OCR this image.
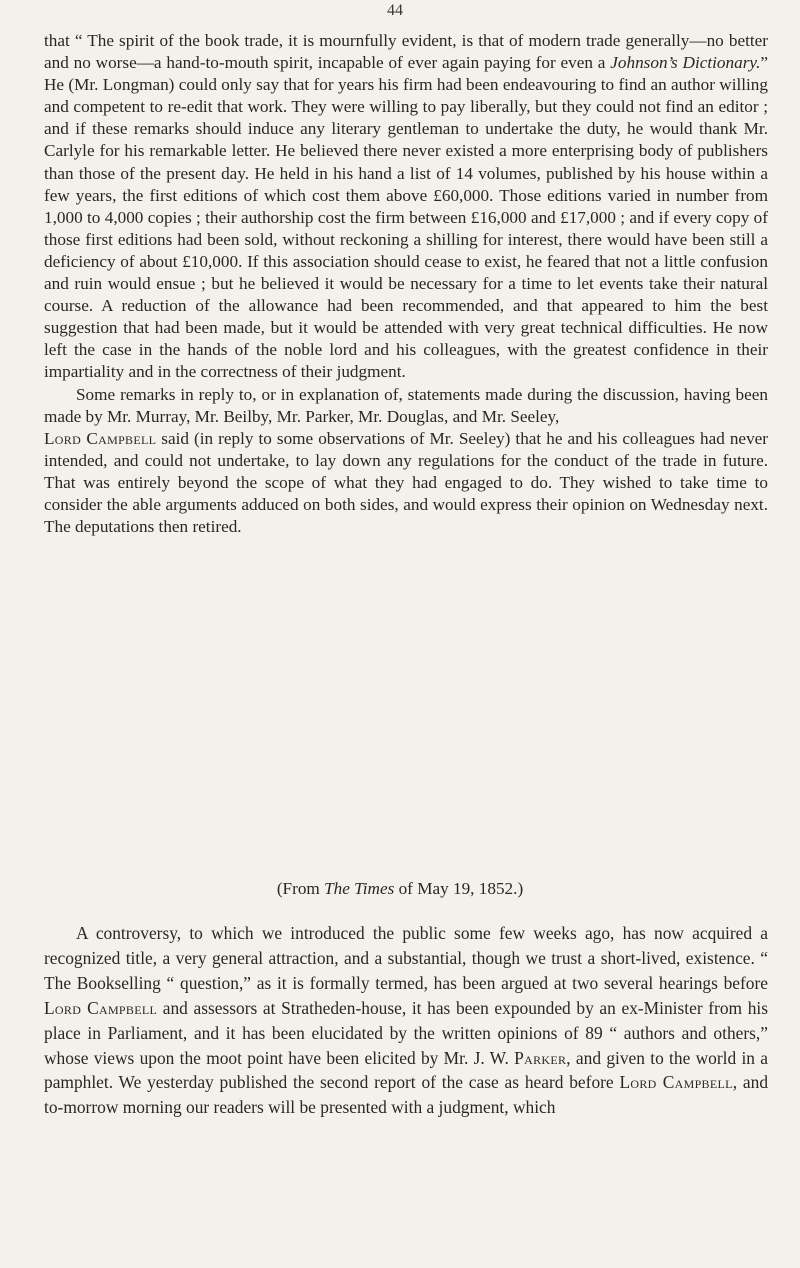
44

that “ The spirit of the book trade, it is mournfully evident, is that of modern trade generally—no better and no worse—a hand-to-mouth spirit, incapable of ever again paying for even a Johnson’s Dictionary.” He (Mr. Longman) could only say that for years his firm had been endeavouring to find an author willing and competent to re-edit that work. They were willing to pay liberally, but they could not find an editor ; and if these remarks should induce any literary gentleman to undertake the duty, he would thank Mr. Carlyle for his remarkable letter. He believed there never existed a more enterprising body of publishers than those of the present day. He held in his hand a list of 14 volumes, published by his house within a few years, the first editions of which cost them above £60,000. Those editions varied in number from 1,000 to 4,000 copies ; their authorship cost the firm between £16,000 and £17,000 ; and if every copy of those first editions had been sold, without reckoning a shilling for interest, there would have been still a deficiency of about £10,000. If this association should cease to exist, he feared that not a little confusion and ruin would ensue ; but he believed it would be necessary for a time to let events take their natural course. A reduction of the allowance had been recommended, and that appeared to him the best suggestion that had been made, but it would be attended with very great technical difficulties. He now left the case in the hands of the noble lord and his colleagues, with the greatest confidence in their impartiality and in the correctness of their judgment.

Some remarks in reply to, or in explanation of, statements made during the discussion, having been made by Mr. Murray, Mr. Beilby, Mr. Parker, Mr. Douglas, and Mr. Seeley,

Lord Campbell said (in reply to some observations of Mr. Seeley) that he and his colleagues had never intended, and could not undertake, to lay down any regulations for the conduct of the trade in future. That was entirely beyond the scope of what they had engaged to do. They wished to take time to consider the able arguments adduced on both sides, and would express their opinion on Wednesday next. The deputations then retired.

(From The Times of May 19, 1852.)

A controversy, to which we introduced the public some few weeks ago, has now acquired a recognized title, a very general attraction, and a substantial, though we trust a short-lived, existence. “ The Bookselling “ question,” as it is formally termed, has been argued at two several hearings before Lord Campbell and assessors at Stratheden-house, it has been expounded by an ex-Minister from his place in Parliament, and it has been elucidated by the written opinions of 89 “ authors and others,” whose views upon the moot point have been elicited by Mr. J. W. Parker, and given to the world in a pamphlet. We yesterday published the second report of the case as heard before Lord Campbell, and to-morrow morning our readers will be presented with a judgment, which
